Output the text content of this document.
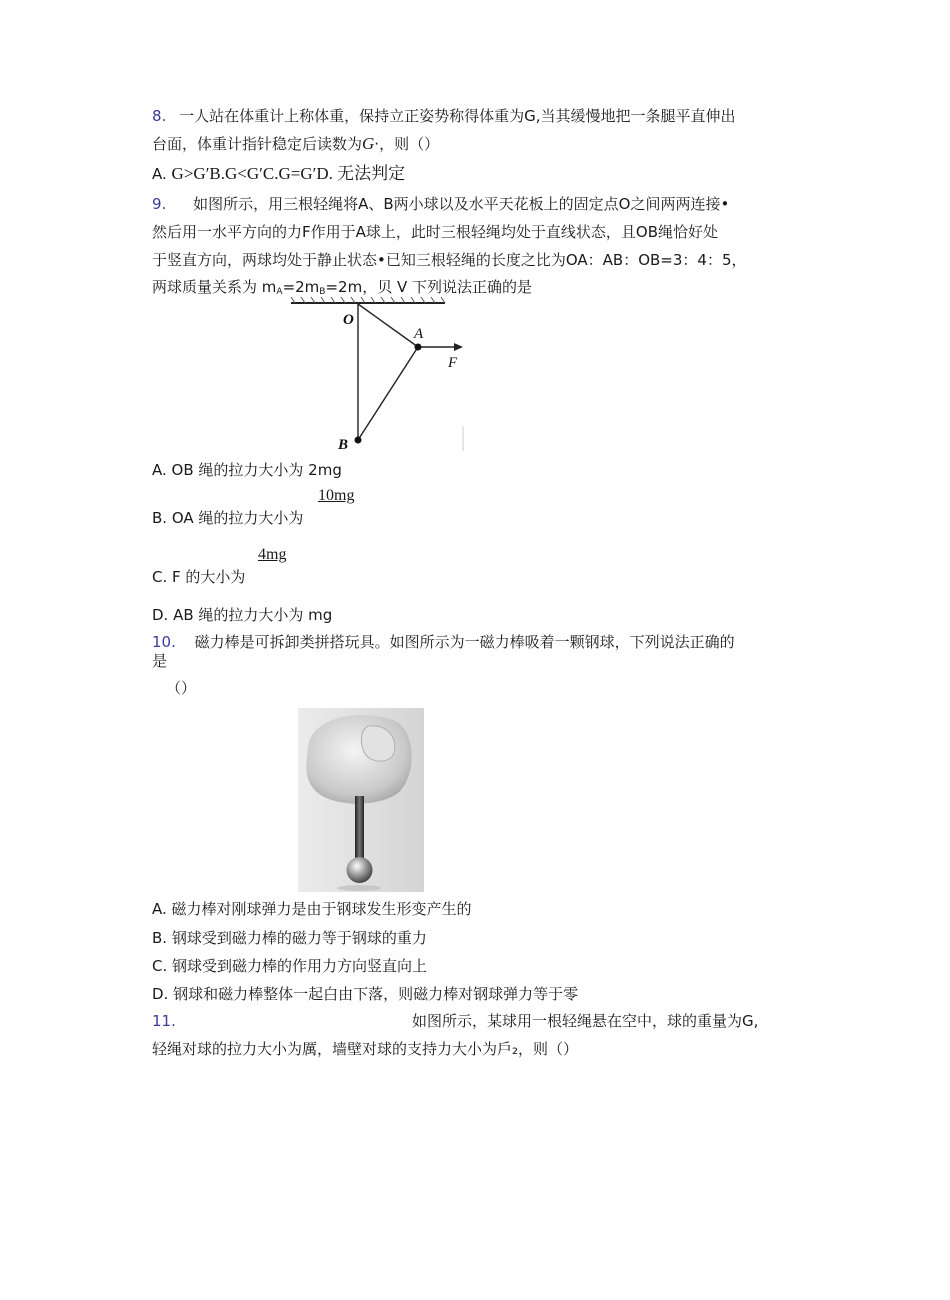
8. 一人站在体重计上称体重，保持立正姿势称得体重为G,当其缓慢地把一条腿平直伸出
台面，体重计指针稳定后读数为G·，则（）
A. G>G′B.G<G′C.G=G′D. 无法判定
9. 如图所示，用三根轻绳将A、B两小球以及水平天花板上的固定点O之间两两连接•
然后用一水平方向的力F作用于A球上，此时三根轻绳均处于直线状态，且OB绳恰好处
于竖直方向，两球均处于静止状态•已知三根轻绳的长度之比为OA：AB：OB=3：4：5，
两球质量关系为 $m_A=2m_B=2m$，贝 V 下列说法正确的是
O
A
B
F
A. OB 绳的拉力大小为 2mg
10mg
B. OA 绳的拉力大小为
4mg
C. F 的大小为
D. AB 绳的拉力大小为 mg
10. 磁力棒是可拆卸类拼搭玩具。如图所示为一磁力棒吸着一颗钢球，下列说法正确的
是
（）
A. 磁力棒对刚球弹力是由于钢球发生形变产生的
B. 钢球受到磁力棒的磁力等于钢球的重力
C. 钢球受到磁力棒的作用力方向竖直向上
D. 钢球和磁力棒整体一起白由下落，则磁力棒对钢球弹力等于零
11.	如图所示，某球用一根轻绳悬在空中，球的重量为G,
轻绳对球的拉力大小为厲，墙壁对球的支持力大小为戶₂，则（）
